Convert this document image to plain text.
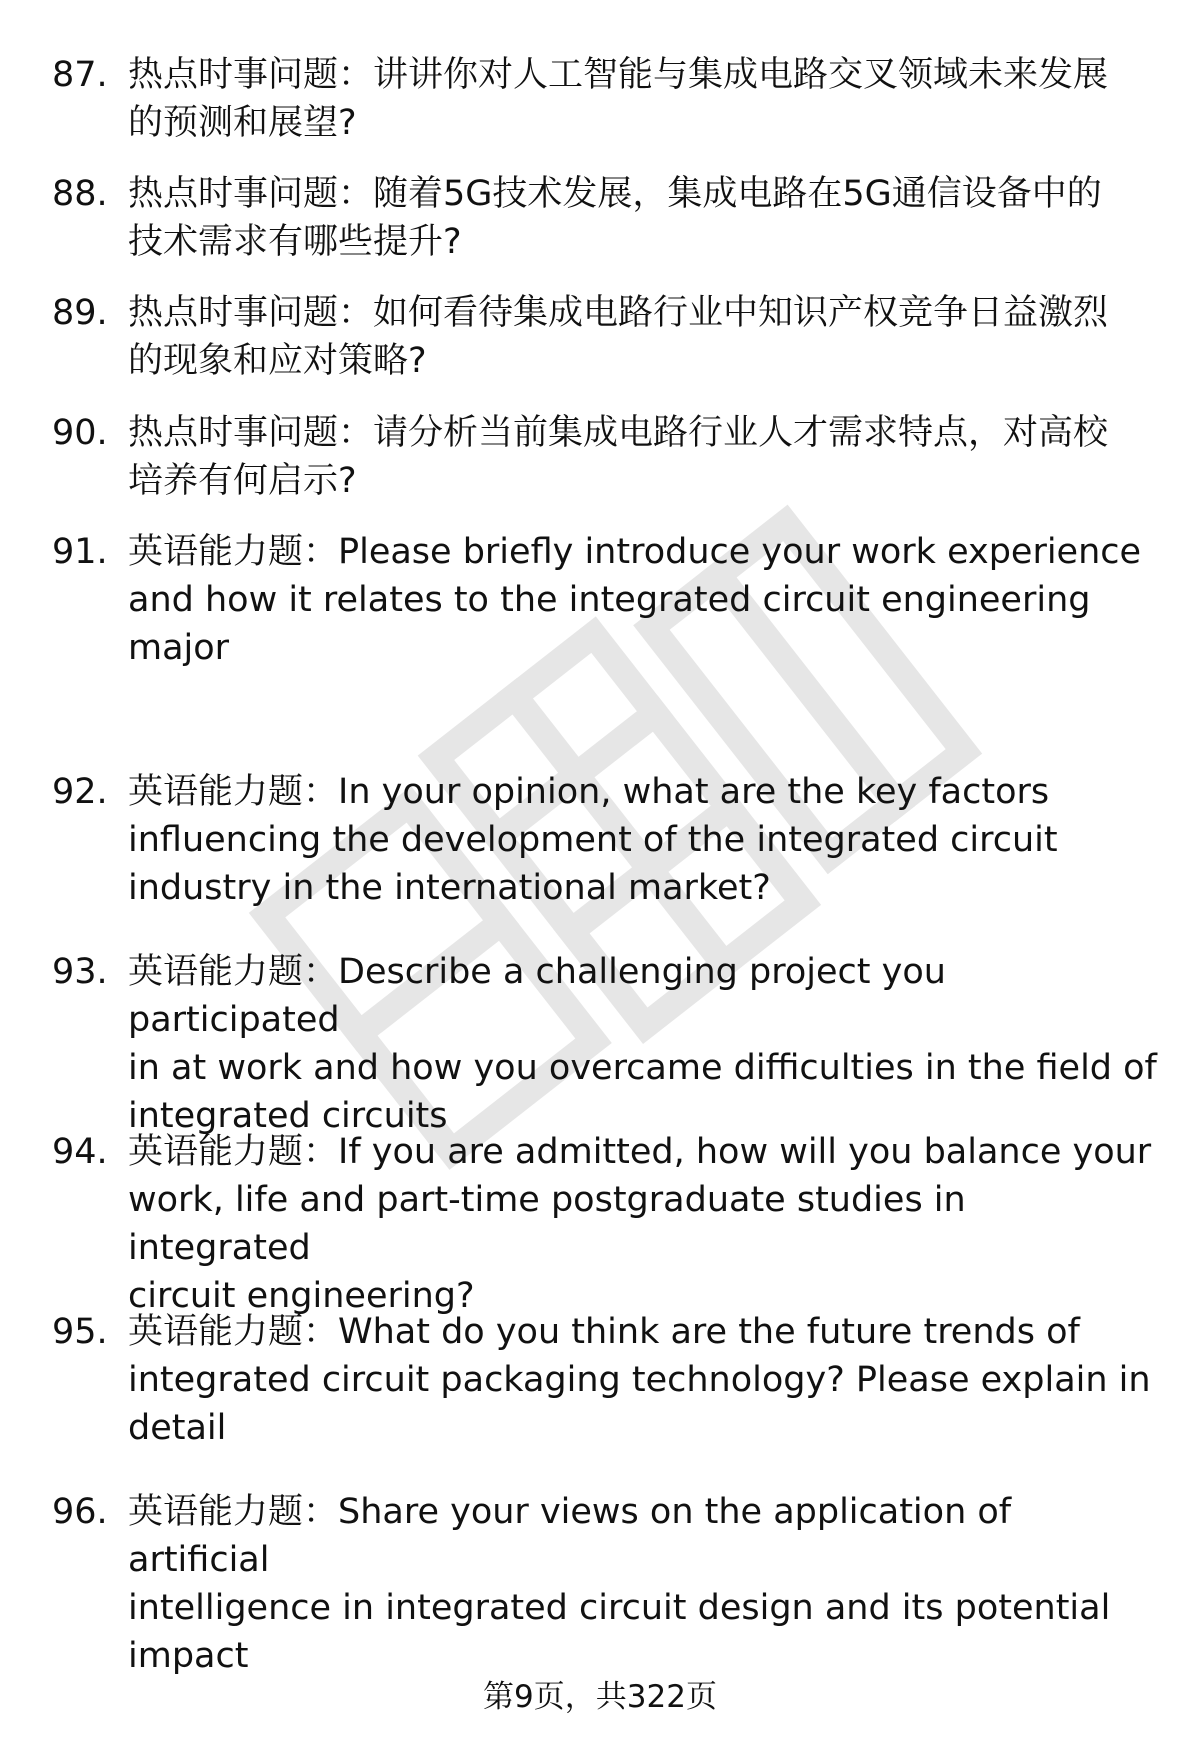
87. 热点时事问题：讲讲你对人工智能与集成电路交叉领域未来发展
的预测和展望?
88. 热点时事问题：随着5G技术发展，集成电路在5G通信设备中的
技术需求有哪些提升?
89. 热点时事问题：如何看待集成电路行业中知识产权竞争日益激烈
的现象和应对策略?
90. 热点时事问题：请分析当前集成电路行业人才需求特点，对高校
培养有何启示?
91. 英语能力题：Please briefly introduce your work experience
and how it relates to the integrated circuit engineering
major
92. 英语能力题：In your opinion, what are the key factors
influencing the development of the integrated circuit
industry in the international market?
93. 英语能力题：Describe a challenging project you participated
in at work and how you overcame difficulties in the field of
integrated circuits
94. 英语能力题：If you are admitted, how will you balance your
work, life and part-time postgraduate studies in integrated
circuit engineering?
95. 英语能力题：What do you think are the future trends of
integrated circuit packaging technology? Please explain in
detail
96. 英语能力题：Share your views on the application of artificial
intelligence in integrated circuit design and its potential
impact
第9页，共322页
